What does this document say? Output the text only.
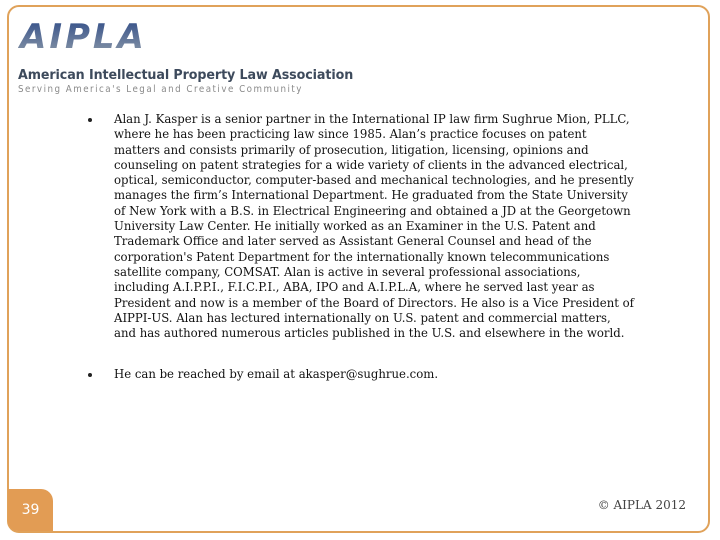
AIPLA
American Intellectual Property Law Association
Serving America's Legal and Creative Community
Alan J. Kasper is a senior partner in the International IP law firm Sughrue Mion, PLLC, where he has been practicing law since 1985. Alan’s practice focuses on patent matters and consists primarily of prosecution, litigation, licensing, opinions and counseling on patent strategies for a wide variety of clients in the advanced electrical, optical, semiconductor, computer-based and mechanical technologies, and he presently manages the firm’s International Department. He graduated from the State University of New York with a B.S. in Electrical Engineering and obtained a JD at the Georgetown University Law Center. He initially worked as an Examiner in the U.S. Patent and Trademark Office and later served as Assistant General Counsel and head of the corporation's Patent Department for the internationally known telecommunications satellite company, COMSAT. Alan is active in several professional associations, including A.I.P.P.I., F.I.C.P.I., ABA, IPO and A.I.P.L.A, where he served last year as President and now is a member of the Board of Directors. He also is a Vice President of AIPPI-US. Alan has lectured internationally on U.S. patent and commercial matters, and has authored numerous articles published in the U.S. and elsewhere in the world.
He can be reached by email at akasper@sughrue.com.
39	© AIPLA 2012
